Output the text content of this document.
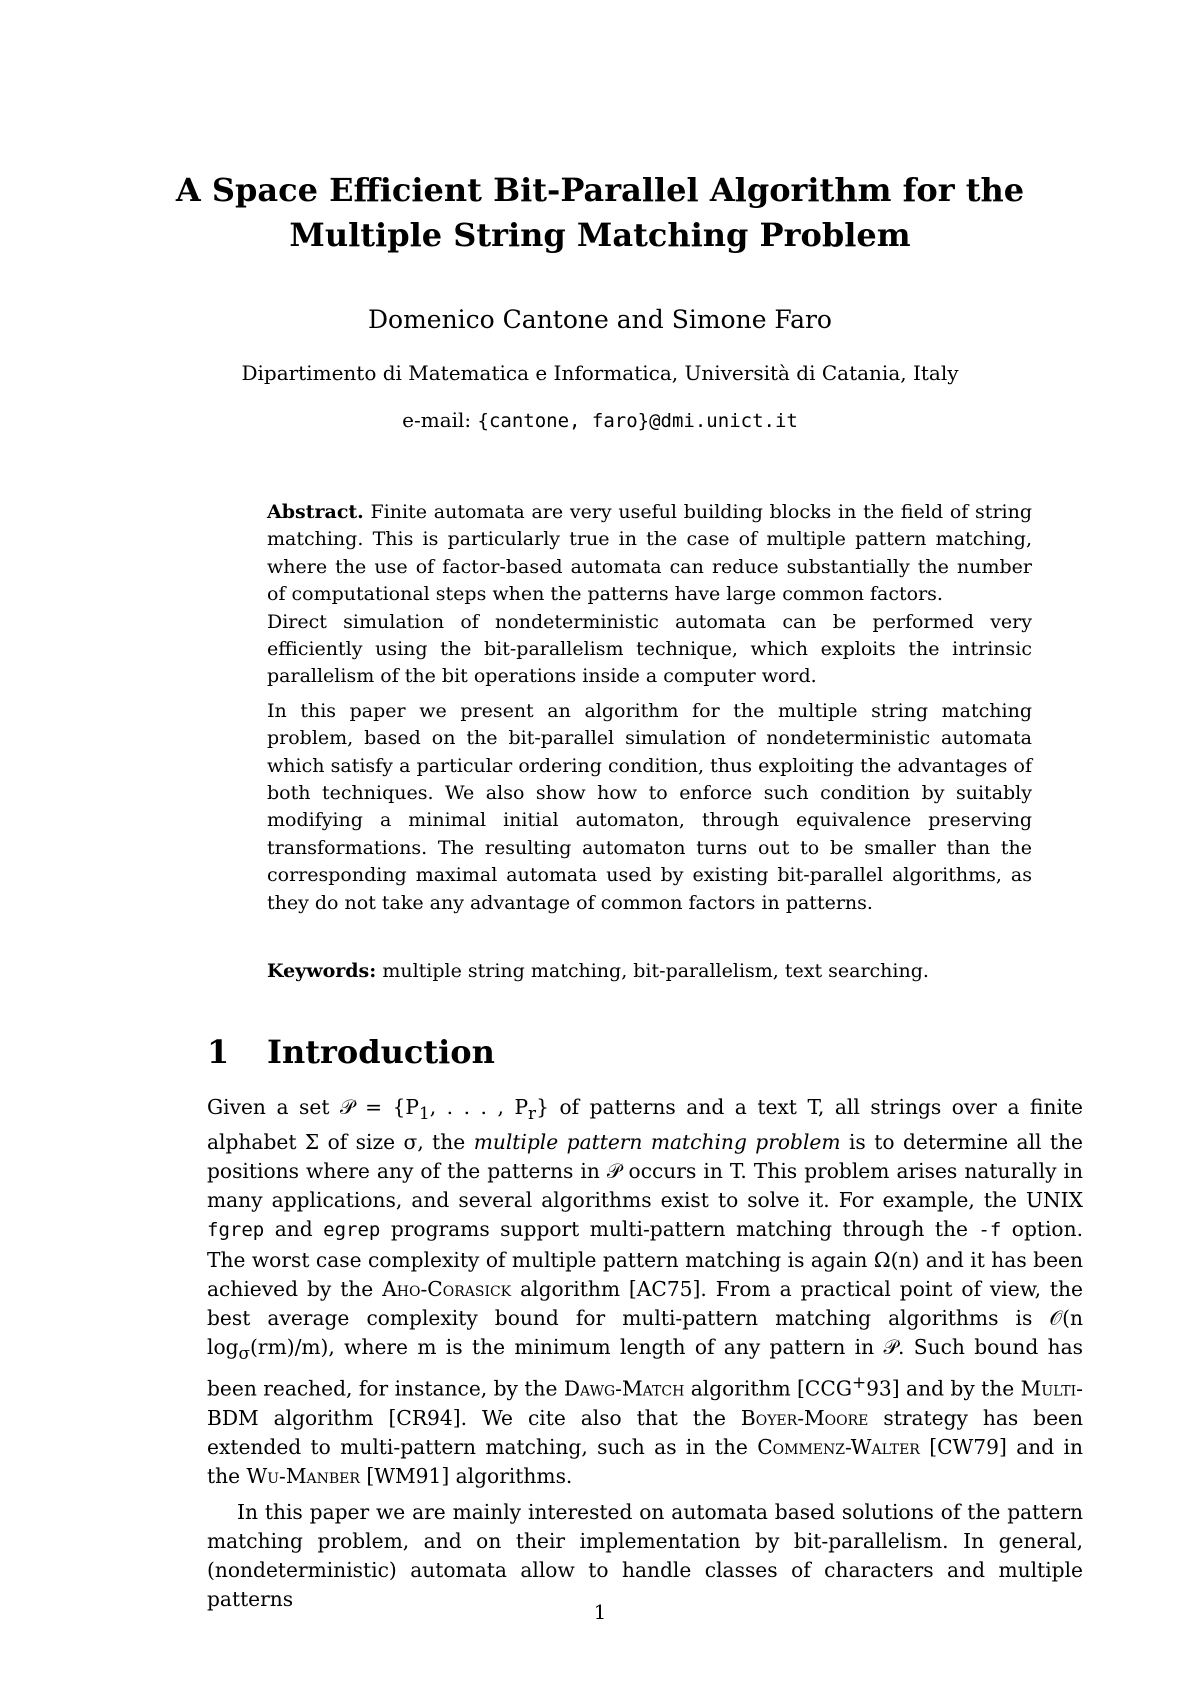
A Space Efficient Bit-Parallel Algorithm for the
Multiple String Matching Problem
Domenico Cantone and Simone Faro
Dipartimento di Matematica e Informatica, Università di Catania, Italy
e-mail: {cantone, faro}@dmi.unict.it

Abstract. Finite automata are very useful building blocks in the field of string matching. This is particularly true in the case of multiple pattern matching, where the use of factor-based automata can reduce substantially the number of computational steps when the patterns have large common factors.

Direct simulation of nondeterministic automata can be performed very efficiently using the bit-parallelism technique, which exploits the intrinsic parallelism of the bit operations inside a computer word.

In this paper we present an algorithm for the multiple string matching problem, based on the bit-parallel simulation of nondeterministic automata which satisfy a particular ordering condition, thus exploiting the advantages of both techniques. We also show how to enforce such condition by suitably modifying a minimal initial automaton, through equivalence preserving transformations. The resulting automaton turns out to be smaller than the corresponding maximal automata used by existing bit-parallel algorithms, as they do not take any advantage of common factors in patterns.

Keywords: multiple string matching, bit-parallelism, text searching.
1 Introduction

Given a set 𝒫 = {$P_1$, . . . , $P_r$} of patterns and a text T, all strings over a finite alphabet Σ of size σ, the multiple pattern matching problem is to determine all the positions where any of the patterns in 𝒫 occurs in T. This problem arises naturally in many applications, and several algorithms exist to solve it. For example, the UNIX fgrep and egrep programs support multi-pattern matching through the -f option. The worst case complexity of multiple pattern matching is again Ω(n) and it has been achieved by the Aho-Corasick algorithm [AC75]. From a practical point of view, the best average complexity bound for multi-pattern matching algorithms is 𝒪(n $\log_\sigma(rm)/m$), where m is the minimum length of any pattern in 𝒫. Such bound has been reached, for instance, by the Dawg-Match algorithm [CCG+93] and by the Multi-BDM algorithm [CR94]. We cite also that the Boyer-Moore strategy has been extended to multi-pattern matching, such as in the Commenz-Walter [CW79] and in the Wu-Manber [WM91] algorithms.

In this paper we are mainly interested on automata based solutions of the pattern matching problem, and on their implementation by bit-parallelism. In general, (nondeterministic) automata allow to handle classes of characters and multiple patterns

1
